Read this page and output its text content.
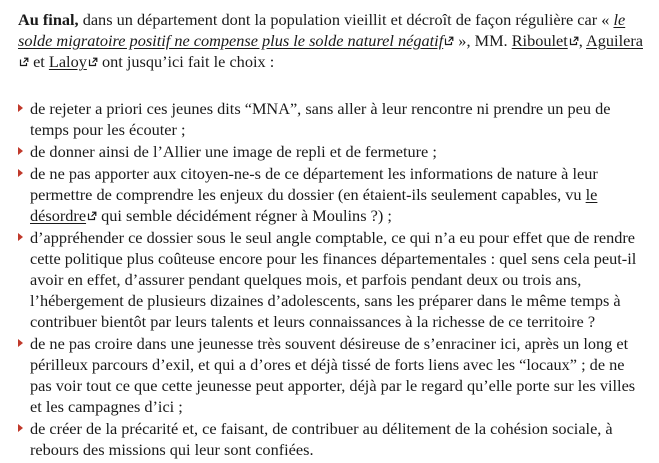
Au final, dans un département dont la population vieillit et décroît de façon régulière car « le solde migratoire positif ne compense plus le solde naturel négatif », MM. Riboulet , Aguilera et Laloy ont jusqu’ici fait le choix :

de rejeter a priori ces jeunes dits “MNA”, sans aller à leur rencontre ni prendre un peu de temps pour les écouter ;
de donner ainsi de l’Allier une image de repli et de fermeture ;
de ne pas apporter aux citoyen-ne-s de ce département les informations de nature à leur permettre de comprendre les enjeux du dossier (en étaient-ils seulement capables, vu le désordre qui semble décidément régner à Moulins ?) ;
d’appréhender ce dossier sous le seul angle comptable, ce qui n’a eu pour effet que de rendre cette politique plus coûteuse encore pour les finances départementales : quel sens cela peut-il avoir en effet, d’assurer pendant quelques mois, et parfois pendant deux ou trois ans, l’hébergement de plusieurs dizaines d’adolescents, sans les préparer dans le même temps à contribuer bientôt par leurs talents et leurs connaissances à la richesse de ce territoire ?
de ne pas croire dans une jeunesse très souvent désireuse de s’enraciner ici, après un long et périlleux parcours d’exil, et qui a d’ores et déjà tissé de forts liens avec les “locaux” ; de ne pas voir tout ce que cette jeunesse peut apporter, déjà par le regard qu’elle porte sur les villes et les campagnes d’ici ;
de créer de la précarité et, ce faisant, de contribuer au délitement de la cohésion sociale, à rebours des missions qui leur sont confiées.
